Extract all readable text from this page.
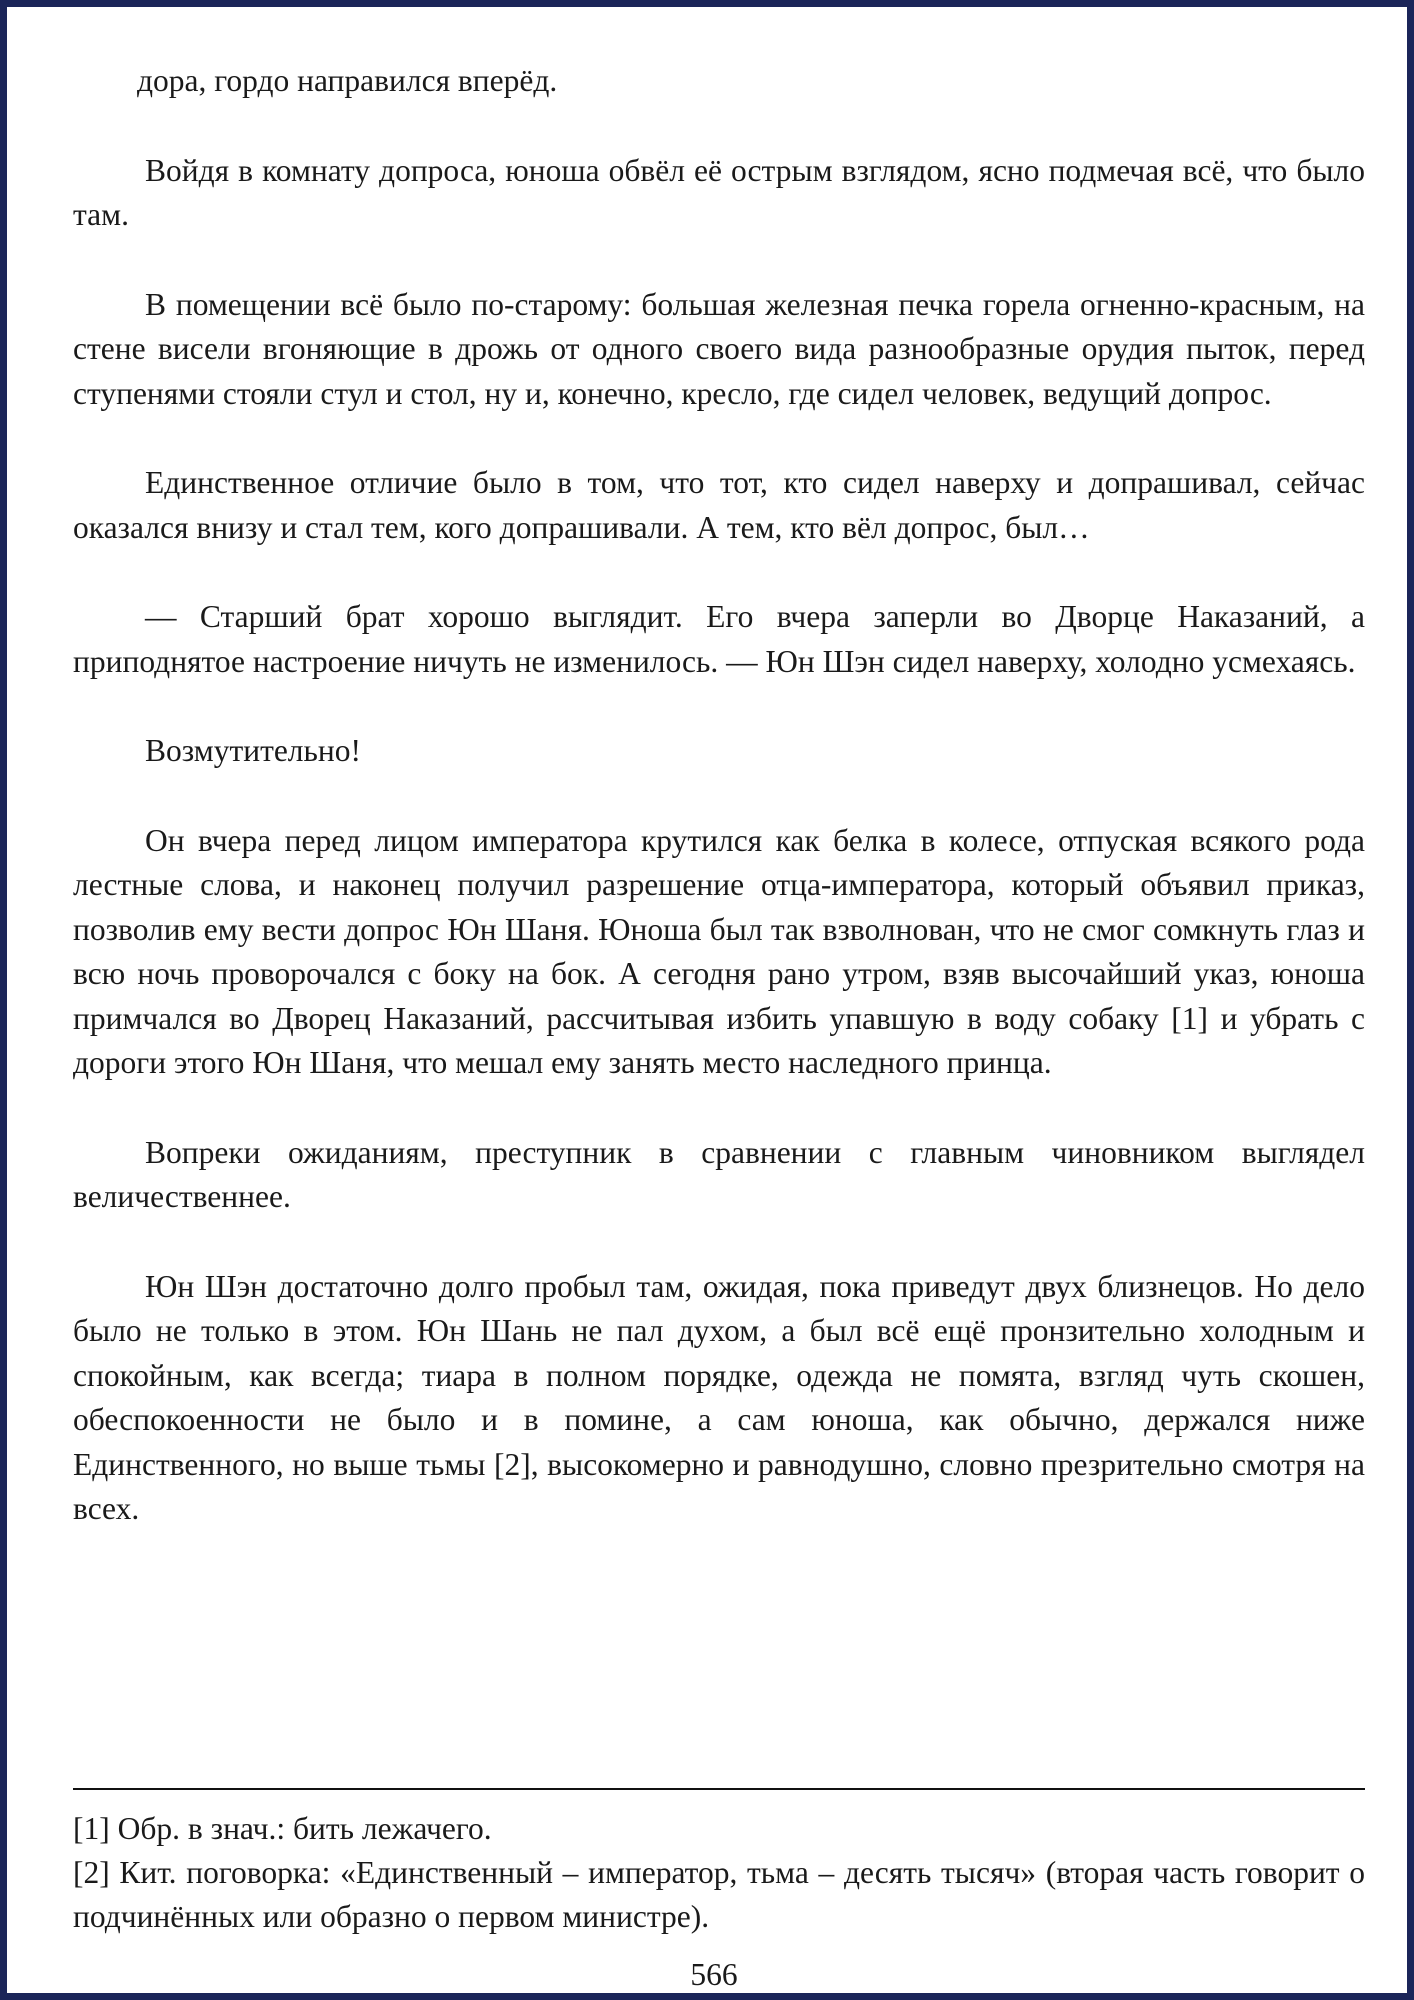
дора, гордо направился вперёд.

Войдя в комнату допроса, юноша обвёл её острым взглядом, ясно подмечая всё, что было там.

В помещении всё было по-старому: большая железная печка горела огненно-красным, на стене висели вгоняющие в дрожь от одного своего вида разнообразные орудия пыток, перед ступенями стояли стул и стол, ну и, конечно, кресло, где сидел человек, ведущий допрос.

Единственное отличие было в том, что тот, кто сидел наверху и допрашивал, сейчас оказался внизу и стал тем, кого допрашивали. А тем, кто вёл допрос, был…

— Старший брат хорошо выглядит. Его вчера заперли во Дворце Наказаний, а приподнятое настроение ничуть не изменилось. — Юн Шэн сидел наверху, холодно усмехаясь.

Возмутительно!

Он вчера перед лицом императора крутился как белка в колесе, отпуская всякого рода лестные слова, и наконец получил разрешение отца-императора, который объявил приказ, позволив ему вести допрос Юн Шаня. Юноша был так взволнован, что не смог сомкнуть глаз и всю ночь проворочался с боку на бок. А сегодня рано утром, взяв высочайший указ, юноша примчался во Дворец Наказаний, рассчитывая избить упавшую в воду собаку [1] и убрать с дороги этого Юн Шаня, что мешал ему занять место наследного принца.

Вопреки ожиданиям, преступник в сравнении с главным чиновником выглядел величественнее.

Юн Шэн достаточно долго пробыл там, ожидая, пока приведут двух близнецов. Но дело было не только в этом. Юн Шань не пал духом, а был всё ещё пронзительно холодным и спокойным, как всегда; тиара в полном порядке, одежда не помята, взгляд чуть скошен, обеспокоенности не было и в помине, а сам юноша, как обычно, держался ниже Единственного, но выше тьмы [2], высокомерно и равнодушно, словно презрительно смотря на всех.

[1] Обр. в знач.: бить лежачего.

[2] Кит. поговорка: «Единственный – император, тьма – десять тысяч» (вторая часть говорит о подчинённых или образно о первом министре).

566
